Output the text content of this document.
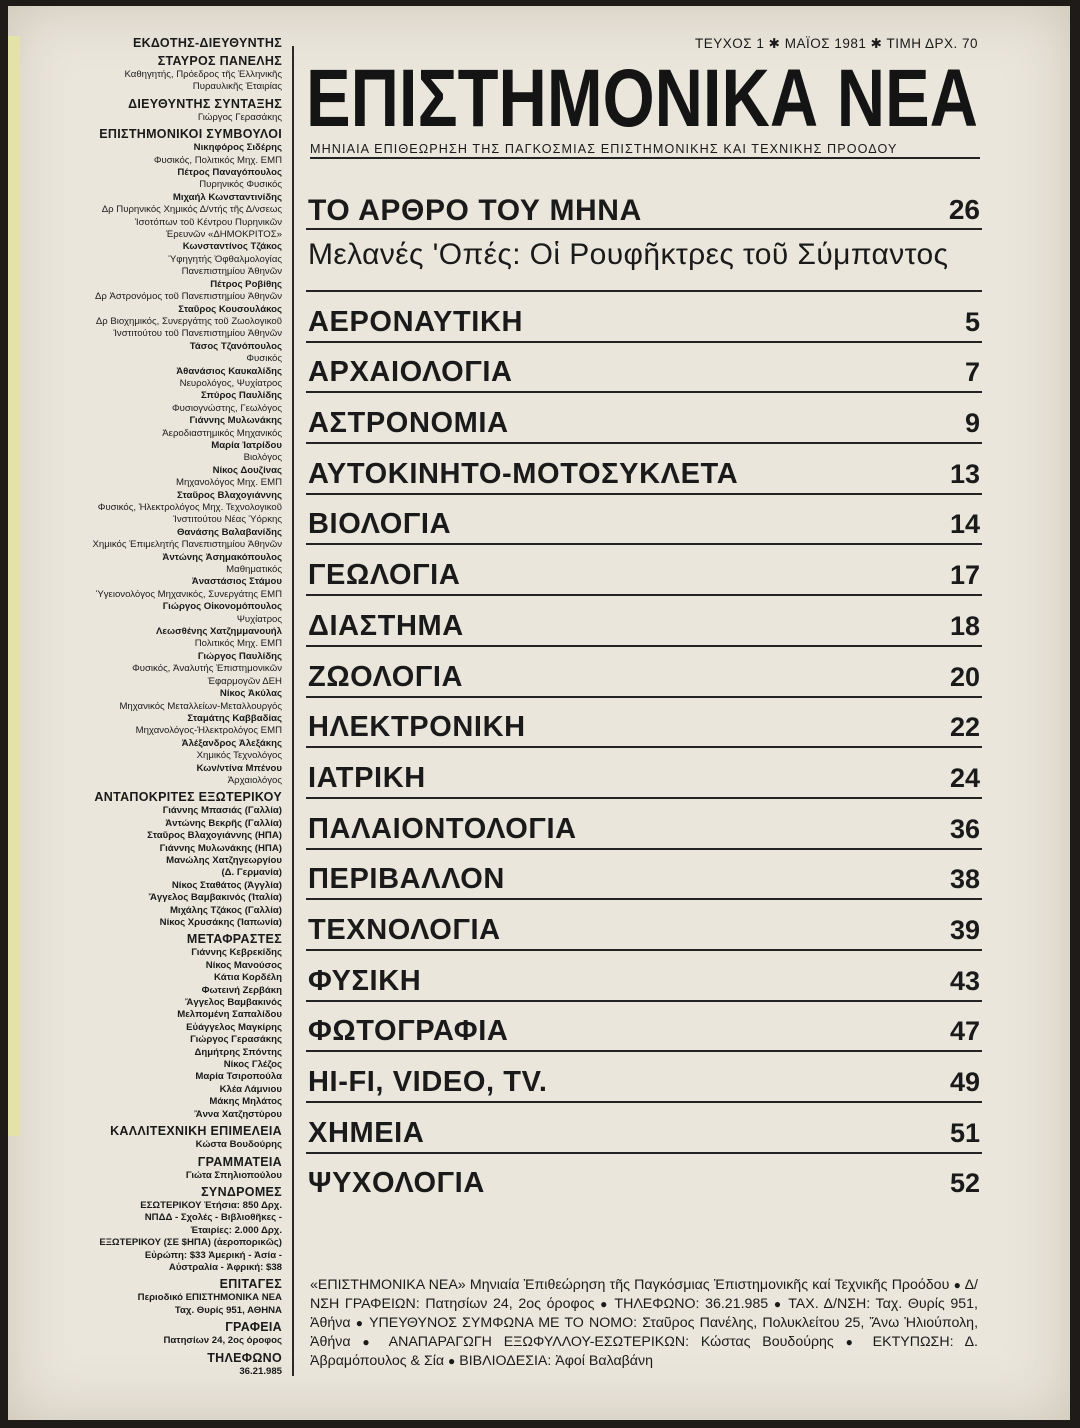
ΕΚΔΟΤΗΣ-ΔΙΕΥΘΥΝΤΗΣ
ΣΤΑΥΡΟΣ ΠΑΝΕΛΗΣ
Καθηγητής, Πρόεδρος τῆς Ἑλληνικῆς
Πυραυλικῆς Ἑταιρίας
ΔΙΕΥΘΥΝΤΗΣ ΣΥΝΤΑΞΗΣ
Γιώργος Γερασάκης
ΕΠΙΣΤΗΜΟΝΙΚΟΙ ΣΥΜΒΟΥΛΟΙ
Νικηφόρος Σιδέρης
Φυσικός, Πολιτικός Μηχ. ΕΜΠ
Πέτρος Παναγόπουλος
Πυρηνικός Φυσικός
Μιχαήλ Κωνσταντινίδης
Δρ Πυρηνικός Χημικός Δ/ντής τῆς Δ/νσεως
Ἰσοτόπων τοῦ Κέντρου Πυρηνικῶν
Ἐρευνῶν «ΔΗΜΟΚΡΙΤΟΣ»
Κωνσταντίνος Τζάκος
Ὑφηγητής Ὀφθαλμολογίας
Πανεπιστημίου Ἀθηνῶν
Πέτρος Ροβίθης
Δρ Ἀστρονόμος τοῦ Πανεπιστημίου Ἀθηνῶν
Σταῦρος Κουσουλάκος
Δρ Βιοχημικός, Συνεργάτης τοῦ Ζωολογικοῦ
Ἰνστιτούτου τοῦ Πανεπιστημίου Ἀθηνῶν
Τάσος Τζανόπουλος
Φυσικός
Ἀθανάσιος Καυκαλίδης
Νευρολόγος, Ψυχίατρος
Σπύρος Παυλίδης
Φυσιογνώστης, Γεωλόγος
Γιάννης Μυλωνάκης
Ἀεροδιαστημικός Μηχανικός
Μαρία Ἰατρίδου
Βιολόγος
Νίκος Δουζίνας
Μηχανολόγος Μηχ. ΕΜΠ
Σταῦρος Βλαχογιάννης
Φυσικός, Ἠλεκτρολόγος Μηχ. Τεχνολογικοῦ
Ἰνστιτούτου Νέας Ὑόρκης
Θανάσης Βαλαβανίδης
Χημικός Ἐπιμελητής Πανεπιστημίου Ἀθηνῶν
Ἀντώνης Ἀσημακόπουλος
Μαθηματικός
Ἀναστάσιος Στάμου
Ὑγειονολόγος Μηχανικός, Συνεργάτης ΕΜΠ
Γιώργος Οἰκονομόπουλος
Ψυχίατρος
Λεωσθένης Χατζημμανουήλ
Πολιτικός Μηχ. ΕΜΠ
Γιώργος Παυλίδης
Φυσικός, Ἀναλυτής Ἐπιστημονικῶν
Ἐφαρμογῶν ΔΕΗ
Νίκος Ἀκύλας
Μηχανικός Μεταλλείων-Μεταλλουργός
Σταμάτης Καββαδίας
Μηχανολόγος-Ἠλεκτρολόγος ΕΜΠ
Ἀλέξανδρος Ἀλεξάκης
Χημικός Τεχνολόγος
Κων/ντίνα Μπένου
Ἀρχαιολόγος
ΑΝΤΑΠΟΚΡΙΤΕΣ ΕΞΩΤΕΡΙΚΟΥ
Γιάννης Μπασιάς (Γαλλία)
Ἀντώνης Βεκρῆς (Γαλλία)
Σταῦρος Βλαχογιάννης (ΗΠΑ)
Γιάννης Μυλωνάκης (ΗΠΑ)
Μανώλης Χατζηγεωργίου
(Δ. Γερμανία)
Νίκος Σταθάτος (Ἀγγλία)
Ἄγγελος Βαμβακινός (Ἰταλία)
Μιχάλης Τζάκος (Γαλλία)
Νίκος Χρυσάκης (Ἰαπωνία)
ΜΕΤΑΦΡΑΣΤΕΣ
Γιάννης Κεβρεκίδης
Νίκος Μανούσος
Κάτια Κορδέλη
Φωτεινή Ζερβάκη
Ἄγγελος Βαμβακινός
Μελπομένη Σαπαλίδου
Εὐάγγελος Μαγκίρης
Γιώργος Γερασάκης
Δημήτρης Σπόντης
Νίκος Γλέζος
Μαρία Τσιροπούλα
Κλέα Λάμνιου
Μάκης Μηλάτος
Ἄννα Χατζηστύρου
ΚΑΛΛΙΤΕΧΝΙΚΗ ΕΠΙΜΕΛΕΙΑ
Κώστα Βουδούρης
ΓΡΑΜΜΑΤΕΙΑ
Γιώτα Σπηλιοπούλου
ΣΥΝΔΡΟΜΕΣ
ΕΣΩΤΕΡΙΚΟΥ Ἐτήσια: 850 Δρχ.
ΝΠΔΔ - Σχολές - Βιβλιοθῆκες -
Ἑταιρίες: 2.000 Δρχ.
ΕΞΩΤΕΡΙΚΟΥ (ΣΕ $ΗΠΑ) (ἀεροπορικῶς)
Εὐρώπη: $33 Ἀμερική - Ἀσία -
Αὐστραλία - Ἀφρική: $38
ΕΠΙΤΑΓΕΣ
Περιοδικό ΕΠΙΣΤΗΜΟΝΙΚΑ ΝΕΑ
Ταχ. Θυρίς 951, ΑΘΗΝΑ
ΓΡΑΦΕΙΑ
Πατησίων 24, 2ος όροφος
ΤΗΛΕΦΩΝΟ
36.21.985
ΤΕΥΧΟΣ 1 ✱ ΜΑΪΟΣ 1981 ✱ ΤΙΜΗ ΔΡΧ. 70
ΕΠΙΣΤΗΜΟΝΙΚΑ ΝΕΑ
ΜΗΝΙΑΙΑ ΕΠΙΘΕΩΡΗΣΗ ΤΗΣ ΠΑΓΚΟΣΜΙΑΣ ΕΠΙΣΤΗΜΟΝΙΚΗΣ ΚΑΙ ΤΕΧΝΙΚΗΣ ΠΡΟΟΔΟΥ
ΤΟ ΑΡΘΡΟ ΤΟΥ ΜΗΝΑ	26
Μελανές 'Οπές: Οἱ Ρουφῆκτρες τοῦ Σύμπαντος
ΑΕΡΟΝΑΥΤΙΚΗ	5
ΑΡΧΑΙΟΛΟΓΙΑ	7
ΑΣΤΡΟΝΟΜΙΑ	9
ΑΥΤΟΚΙΝΗΤΟ-ΜΟΤΟΣΥΚΛΕΤΑ	13
ΒΙΟΛΟΓΙΑ	14
ΓΕΩΛΟΓΙΑ	17
ΔΙΑΣΤΗΜΑ	18
ΖΩΟΛΟΓΙΑ	20
ΗΛΕΚΤΡΟΝΙΚΗ	22
ΙΑΤΡΙΚΗ	24
ΠΑΛΑΙΟΝΤΟΛΟΓΙΑ	36
ΠΕΡΙΒΑΛΛΟΝ	38
ΤΕΧΝΟΛΟΓΙΑ	39
ΦΥΣΙΚΗ	43
ΦΩΤΟΓΡΑΦΙΑ	47
HI-FI, VIDEO, TV.	49
ΧΗΜΕΙΑ	51
ΨΥΧΟΛΟΓΙΑ	52
«ΕΠΙΣΤΗΜΟΝΙΚΑ ΝΕΑ» Μηνιαία Ἐπιθεώρηση τῆς Παγκόσμιας Ἐπιστημονικῆς καί Τεχνικῆς Προόδου ● Δ/ΝΣΗ ΓΡΑΦΕΙΩΝ: Πατησίων 24, 2ος όροφος ● ΤΗΛΕΦΩΝΟ: 36.21.985 ● ΤΑΧ. Δ/ΝΣΗ: Ταχ. Θυρίς 951, Ἀθήνα ● ΥΠΕΥΘΥΝΟΣ ΣΥΜΦΩΝΑ ΜΕ ΤΟ ΝΟΜΟ: Σταῦρος Πανέλης, Πολυκλείτου 25, Ἄνω Ἡλιούπολη, Ἀθήνα ● ΑΝΑΠΑΡΑΓΩΓΗ ΕΞΩΦΥΛΛΟΥ-ΕΣΩΤΕΡΙΚΩΝ: Κώστας Βουδούρης ● ΕΚΤΥΠΩΣΗ: Δ. Ἀβραμόπουλος & Σία ● ΒΙΒΛΙΟΔΕΣΙΑ: Ἀφοί Βαλαβάνη
